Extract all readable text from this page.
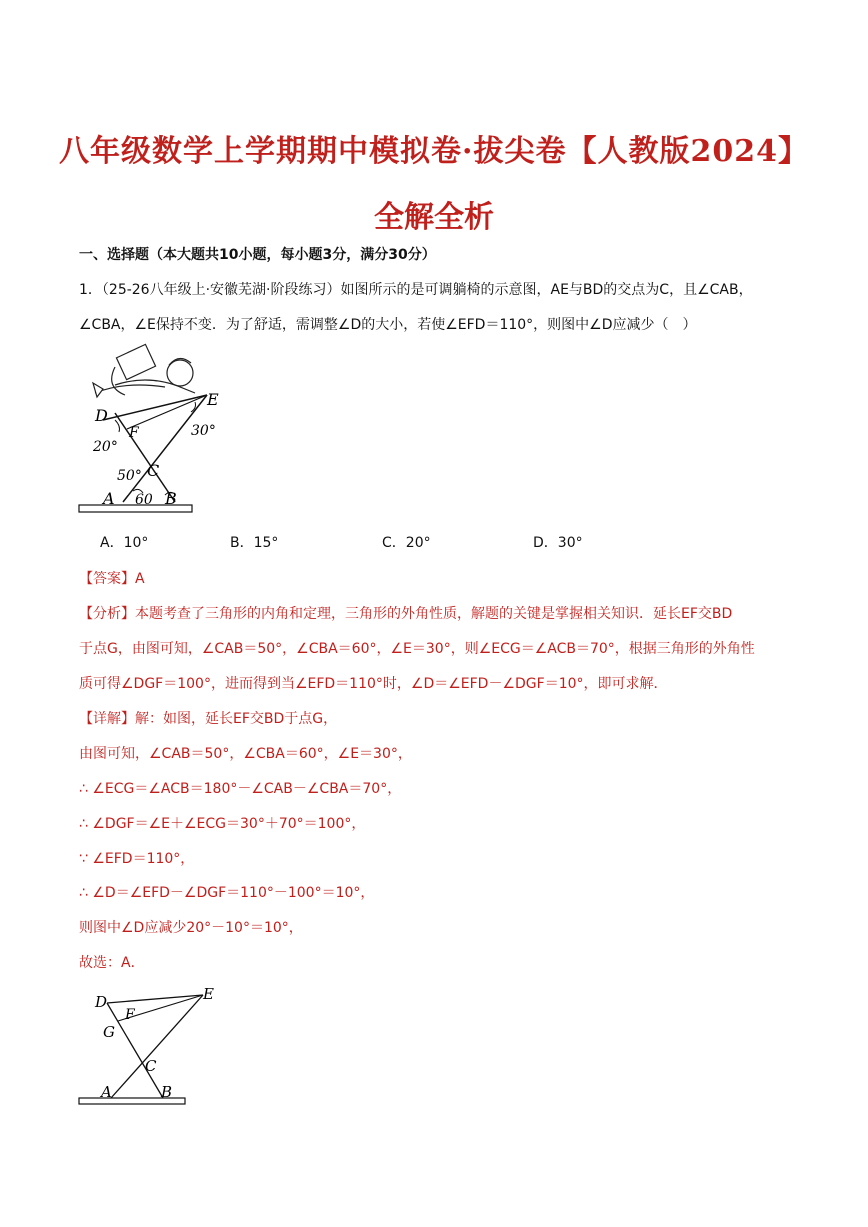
八年级数学上学期期中模拟卷·拔尖卷【人教版2024】
全解全析
一、选择题（本大题共10小题，每小题3分，满分30分）
1．（25-26八年级上·安徽芜湖·阶段练习）如图所示的是可调躺椅的示意图，AE与BD的交点为C，且∠CAB，
∠CBA，∠E保持不变．为了舒适，需调整∠D的大小，若使∠EFD＝110°，则图中∠D应减少（　）
D
E
F
C
A	B
20°
30°
50°
60
A．10°	B．15°	C．20°	D．30°
【答案】A
【分析】本题考查了三角形的内角和定理，三角形的外角性质，解题的关键是掌握相关知识．延长EF交BD
于点G，由图可知，∠CAB＝50°，∠CBA＝60°，∠E＝30°，则∠ECG＝∠ACB＝70°，根据三角形的外角性
质可得∠DGF＝100°，进而得到当∠EFD＝110°时，∠D＝∠EFD－∠DGF＝10°，即可求解．
【详解】解：如图，延长EF交BD于点G，
由图可知，∠CAB＝50°，∠CBA＝60°，∠E＝30°，
∴ ∠ECG＝∠ACB＝180°－∠CAB－∠CBA＝70°，
∴ ∠DGF＝∠E＋∠ECG＝30°＋70°＝100°，
∵ ∠EFD＝110°，
∴ ∠D＝∠EFD－∠DGF＝110°－100°＝10°，
则图中∠D应减少20°－10°＝10°，
故选：A．
D	E
F
G
C
A	B
